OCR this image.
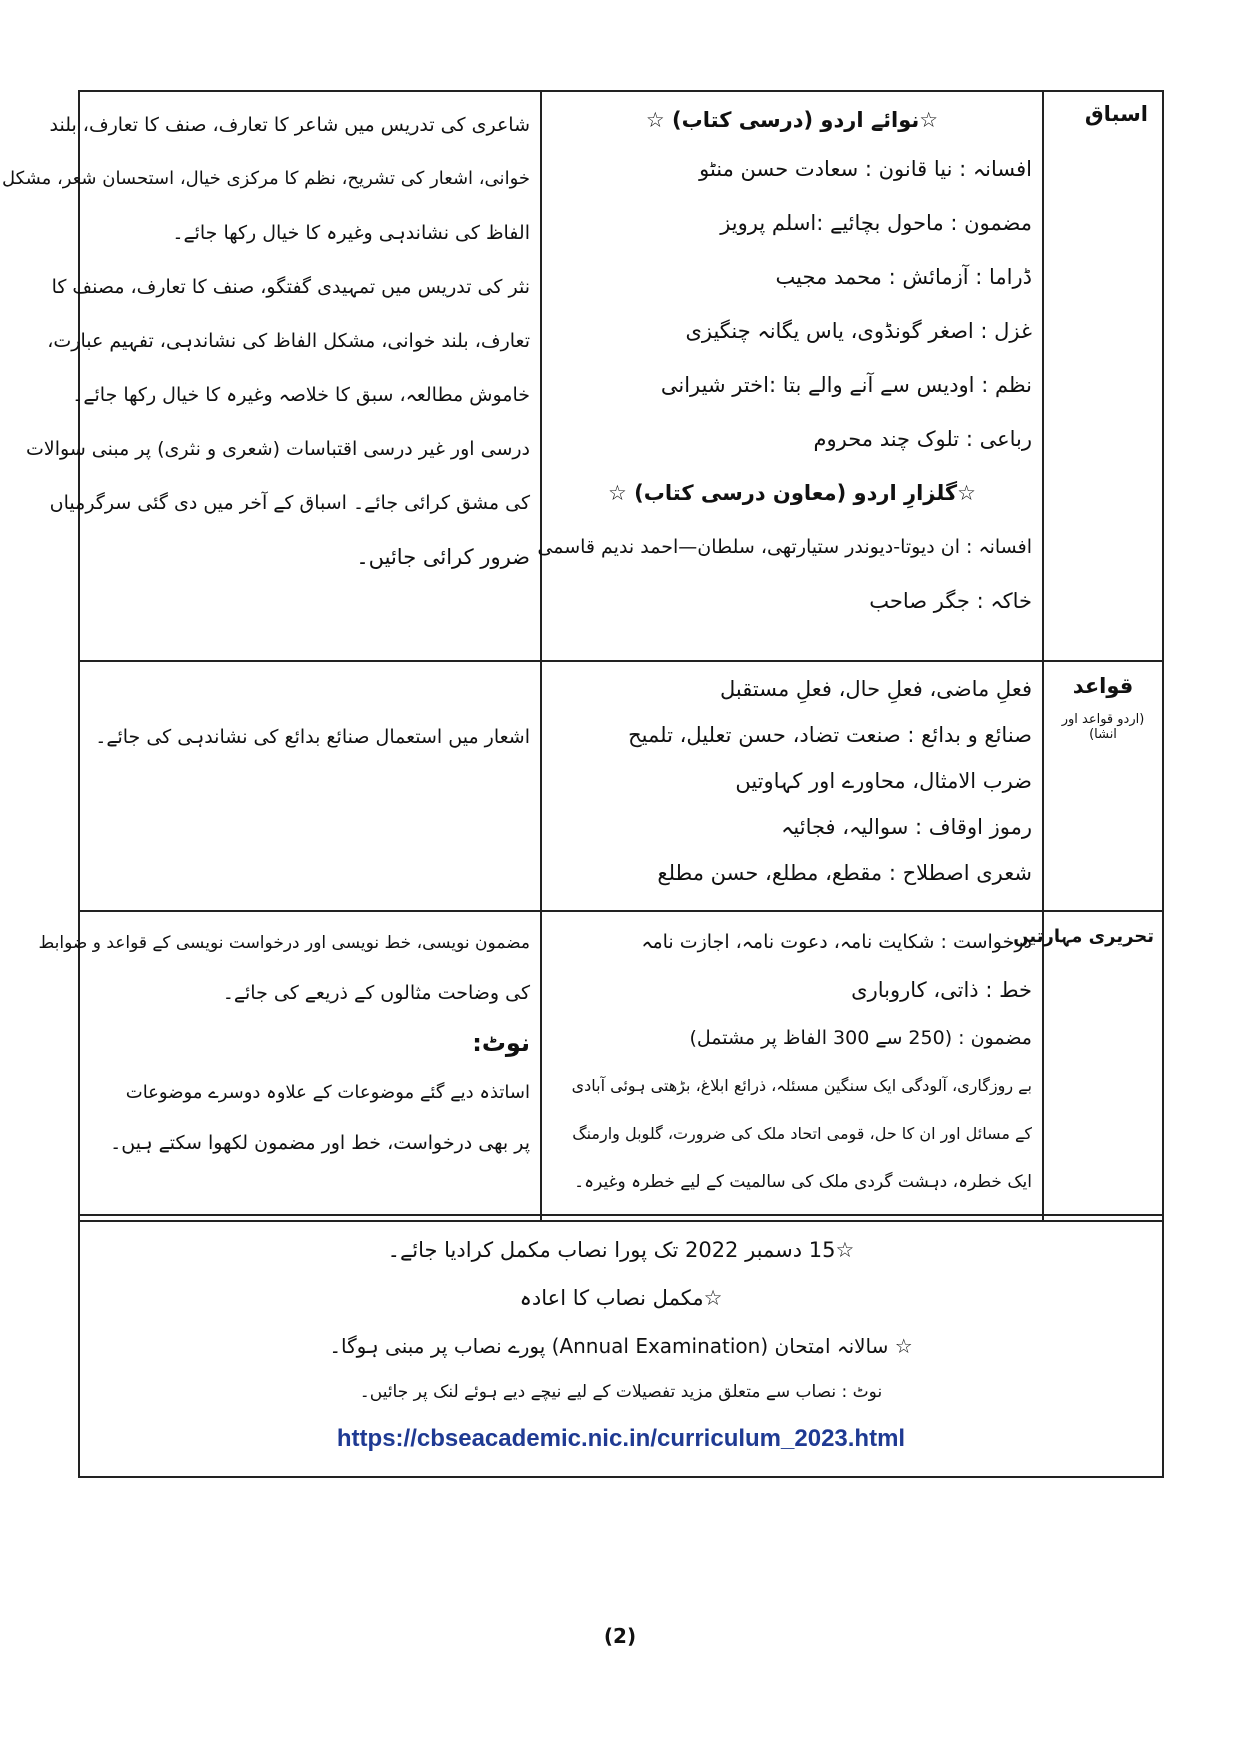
اسباق
☆نوائے اردو (درسی کتاب) ☆
افسانہ : نیا قانون : سعادت حسن منٹو
مضمون : ماحول بچائیے :اسلم پرویز
ڈراما : آزمائش : محمد مجیب
غزل : اصغر گونڈوی، یاس یگانہ چنگیزی
نظم : اودیس سے آنے والے بتا :اختر شیرانی
رباعی : تلوک چند محروم
☆گلزارِ اردو (معاون درسی کتاب) ☆
افسانہ : ان دیوتا-دیوندر ستیارتھی، سلطان—احمد ندیم قاسمی
خاکہ : جگر صاحب
شاعری کی تدریس میں شاعر کا تعارف، صنف کا تعارف، بلند
خوانی، اشعار کی تشریح، نظم کا مرکزی خیال، استحسان شعر، مشکل
الفاظ کی نشاندہی وغیرہ کا خیال رکھا جائے۔
نثر کی تدریس میں تمہیدی گفتگو، صنف کا تعارف، مصنف کا
تعارف، بلند خوانی، مشکل الفاظ کی نشاندہی، تفہیم عبارت،
خاموش مطالعہ، سبق کا خلاصہ وغیرہ کا خیال رکھا جائے۔
درسی اور غیر درسی اقتباسات (شعری و نثری) پر مبنی سوالات
کی مشق کرائی جائے۔ اسباق کے آخر میں دی گئی سرگرمیاں
ضرور کرائی جائیں۔
قواعد
(اردو قواعد اور انشا)
فعلِ ماضی، فعلِ حال، فعلِ مستقبل
صنائع و بدائع : صنعت تضاد، حسن تعلیل، تلمیح
ضرب الامثال، محاورے اور کہاوتیں
رموز اوقاف : سوالیہ، فجائیہ
شعری اصطلاح : مقطع، مطلع، حسن مطلع
اشعار میں استعمال صنائع بدائع کی نشاندہی کی جائے۔
تحریری مہارتیں
درخواست : شکایت نامہ، دعوت نامہ، اجازت نامہ
خط : ذاتی، کاروباری
مضمون : (250 سے 300 الفاظ پر مشتمل)
بے روزگاری، آلودگی ایک سنگین مسئلہ، ذرائع ابلاغ، بڑھتی ہوئی آبادی
کے مسائل اور ان کا حل، قومی اتحاد ملک کی ضرورت، گلوبل وارمنگ
ایک خطرہ، دہشت گردی ملک کی سالمیت کے لیے خطرہ وغیرہ۔
مضمون نویسی، خط نویسی اور درخواست نویسی کے قواعد و ضوابط
کی وضاحت مثالوں کے ذریعے کی جائے۔
نوٹ:
اساتذہ دیے گئے موضوعات کے علاوہ دوسرے موضوعات
پر بھی درخواست، خط اور مضمون لکھوا سکتے ہیں۔
☆15 دسمبر 2022 تک پورا نصاب مکمل کرادیا جائے۔
☆مکمل نصاب کا اعادہ
☆ سالانہ امتحان (Annual Examination) پورے نصاب پر مبنی ہوگا۔
نوٹ : نصاب سے متعلق مزید تفصیلات کے لیے نیچے دیے ہوئے لنک پر جائیں۔
https://cbseacademic.nic.in/curriculum_2023.html
(2)
